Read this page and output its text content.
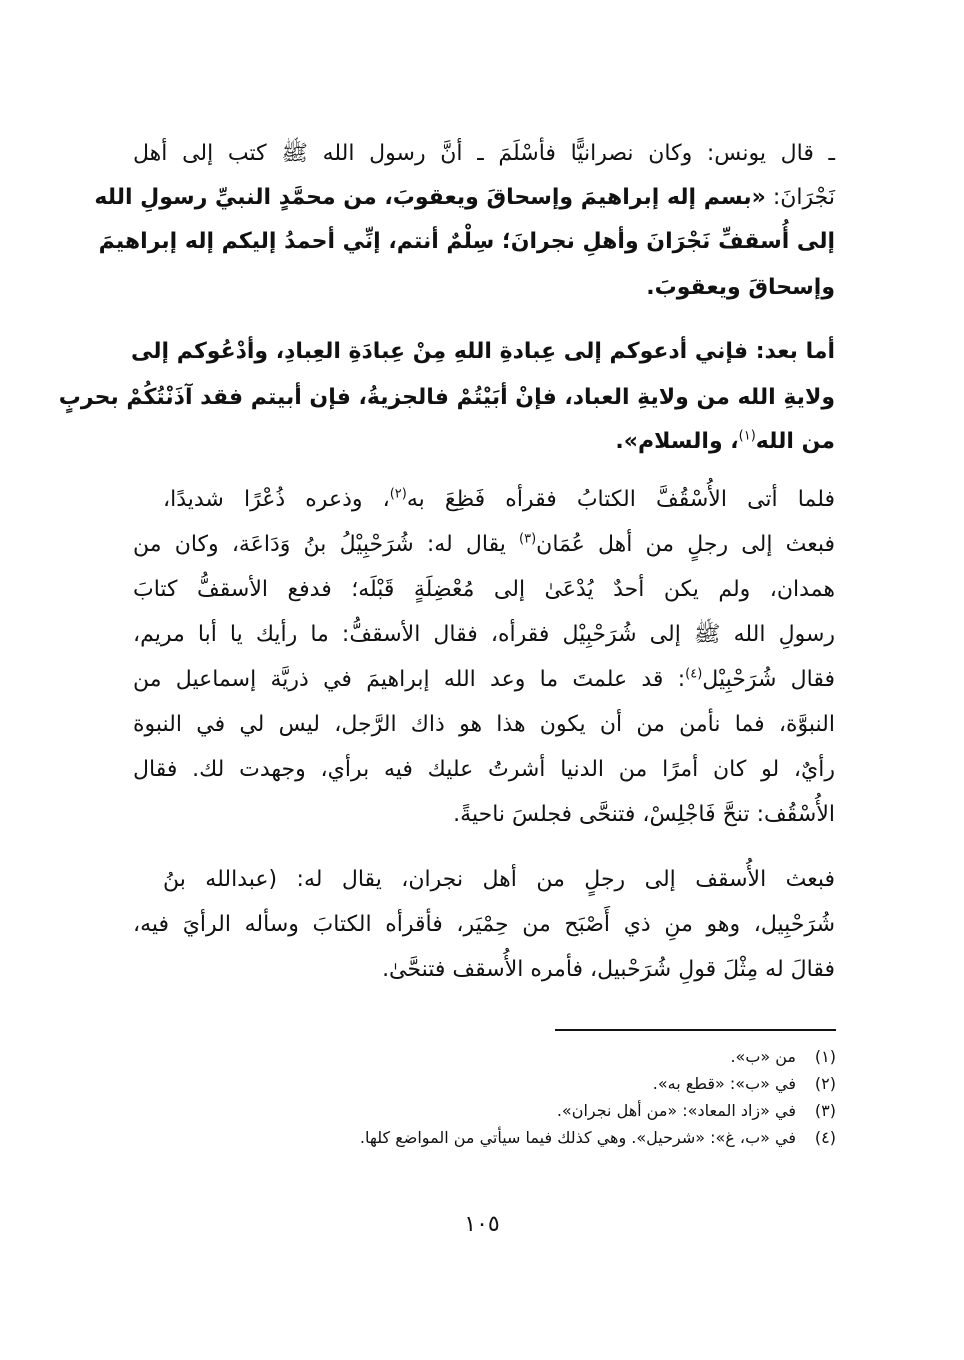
ـ قال يونس: وكان نصرانيًّا فأسْلَمَ ـ أنَّ رسول الله ﷺ كتب إلى أهل
نَجْرَانَ: «بسم إله إبراهيمَ وإسحاقَ ويعقوبَ، من محمَّدٍ النبيِّ رسولِ الله
إلى أُسقفِّ نَجْرَانَ وأهلِ نجرانَ؛ سِلْمٌ أنتم، إنِّي أحمدُ إليكم إله إبراهيمَ
وإسحاقَ ويعقوبَ.
أما بعد: فإني أدعوكم إلى عِبادةِ اللهِ مِنْ عِبادَةِ العِبادِ، وأدْعُوكم إلى
ولايةِ الله من ولايةِ العباد، فإنْ أبَيْتُمْ فالجزيةُ، فإن أبيتم فقد آذَنْتُكُمْ بحربٍ
من الله$^{(١)}$، والسلام».
فلما أتى الأُسْقُفَّ الكتابُ فقرأه فَظِعَ به$^{(٢)}$، وذعره ذُعْرًا شديدًا،
فبعث إلى رجلٍ من أهل عُمَان$^{(٣)}$ يقال له: شُرَحْبِيْلُ بنُ وَدَاعَة، وكان من
همدان، ولم يكن أحدٌ يُدْعَىٰ إلى مُعْضِلَةٍ قَبْلَه؛ فدفع الأسقفُّ كتابَ
رسولِ الله ﷺ إلى شُرَحْبِيْل فقرأه، فقال الأسقفُّ: ما رأيك يا أبا مريم،
فقال شُرَحْبِيْل$^{(٤)}$: قد علمتَ ما وعد الله إبراهيمَ في ذريَّة إسماعيل من
النبوَّة، فما نأمن من أن يكون هذا هو ذاك الرَّجل، ليس لي في النبوة
رأيٌ، لو كان أمرًا من الدنيا أشرتُ عليك فيه برأي، وجهدت لك. فقال
الأُسْقُف: تنحَّ فَاجْلِسْ، فتنحَّى فجلسَ ناحيةً.
فبعث الأُسقف إلى رجلٍ من أهل نجران، يقال له: (عبدالله بنُ
شُرَحْبِيل، وهو منِ ذي أَصْبَح من حِمْيَر، فأقرأه الكتابَ وسأله الرأيَ فيه،
فقالَ له مِثْلَ قولِ شُرَحْبيل، فأمره الأُسقف فتنحَّىٰ.
(١)من «ب».
(٢)في «ب»: «قطع به».
(٣)في «زاد المعاد»: «من أهل نجران».
(٤)في «ب، غ»: «شرحيل». وهي كذلك فيما سيأتي من المواضع كلها.
١٠٥
